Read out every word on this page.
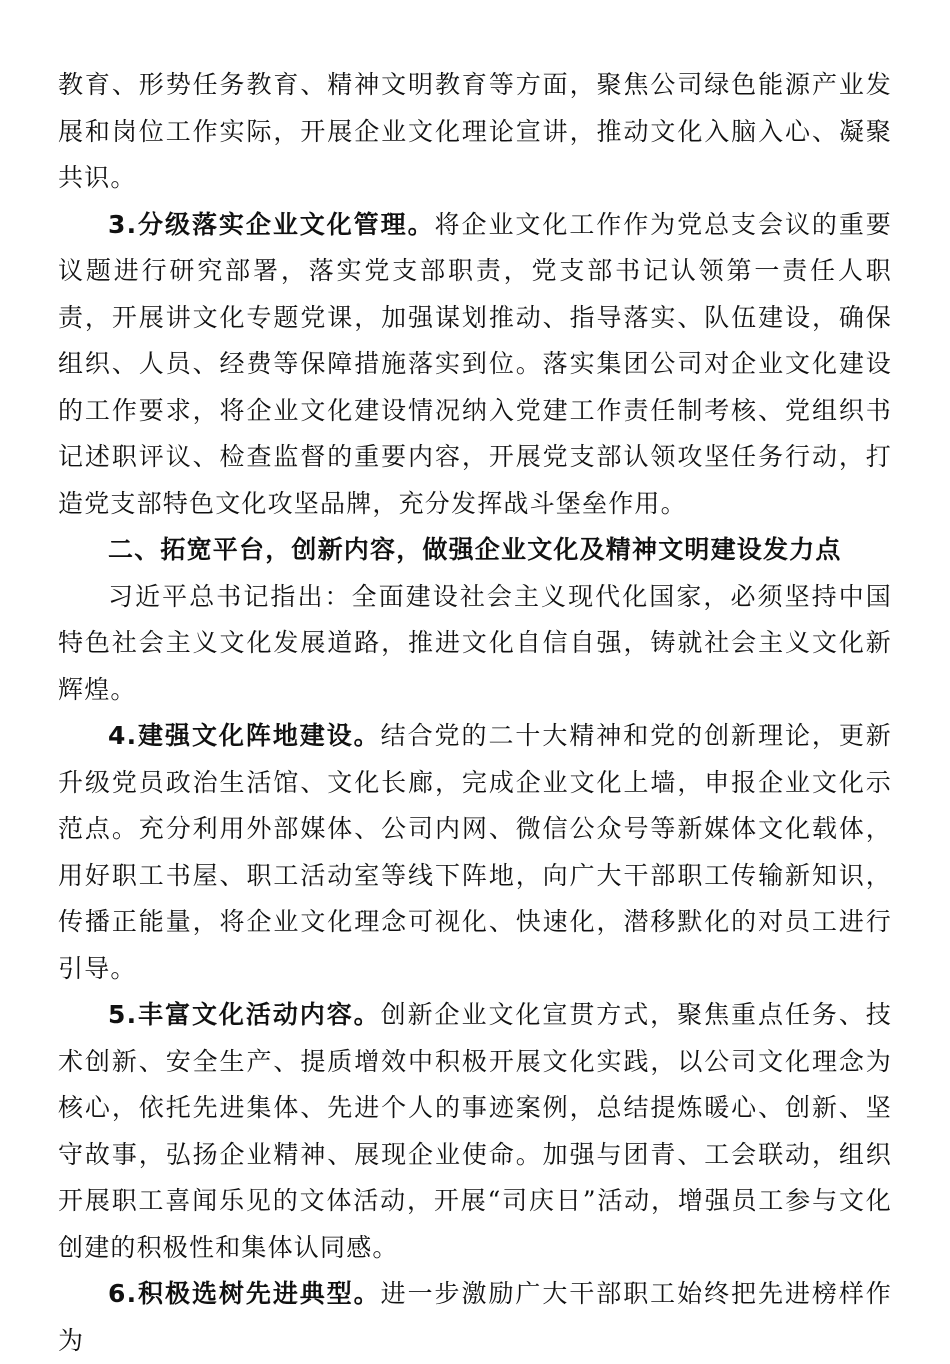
教育、形势任务教育、精神文明教育等方面，聚焦公司绿色能源产业发展和岗位工作实际，开展企业文化理论宣讲，推动文化入脑入心、凝聚共识。

3.分级落实企业文化管理。将企业文化工作作为党总支会议的重要议题进行研究部署，落实党支部职责，党支部书记认领第一责任人职责，开展讲文化专题党课，加强谋划推动、指导落实、队伍建设，确保组织、人员、经费等保障措施落实到位。落实集团公司对企业文化建设的工作要求，将企业文化建设情况纳入党建工作责任制考核、党组织书记述职评议、检查监督的重要内容，开展党支部认领攻坚任务行动，打造党支部特色文化攻坚品牌，充分发挥战斗堡垒作用。

二、拓宽平台，创新内容，做强企业文化及精神文明建设发力点

习近平总书记指出：全面建设社会主义现代化国家，必须坚持中国特色社会主义文化发展道路，推进文化自信自强，铸就社会主义文化新辉煌。

4.建强文化阵地建设。结合党的二十大精神和党的创新理论，更新升级党员政治生活馆、文化长廊，完成企业文化上墙，申报企业文化示范点。充分利用外部媒体、公司内网、微信公众号等新媒体文化载体，用好职工书屋、职工活动室等线下阵地，向广大干部职工传输新知识，传播正能量，将企业文化理念可视化、快速化，潜移默化的对员工进行引导。

5.丰富文化活动内容。创新企业文化宣贯方式，聚焦重点任务、技术创新、安全生产、提质增效中积极开展文化实践，以公司文化理念为核心，依托先进集体、先进个人的事迹案例，总结提炼暖心、创新、坚守故事，弘扬企业精神、展现企业使命。加强与团青、工会联动，组织开展职工喜闻乐见的文体活动，开展“司庆日”活动，增强员工参与文化创建的积极性和集体认同感。

6.积极选树先进典型。进一步激励广大干部职工始终把先进榜样作为
